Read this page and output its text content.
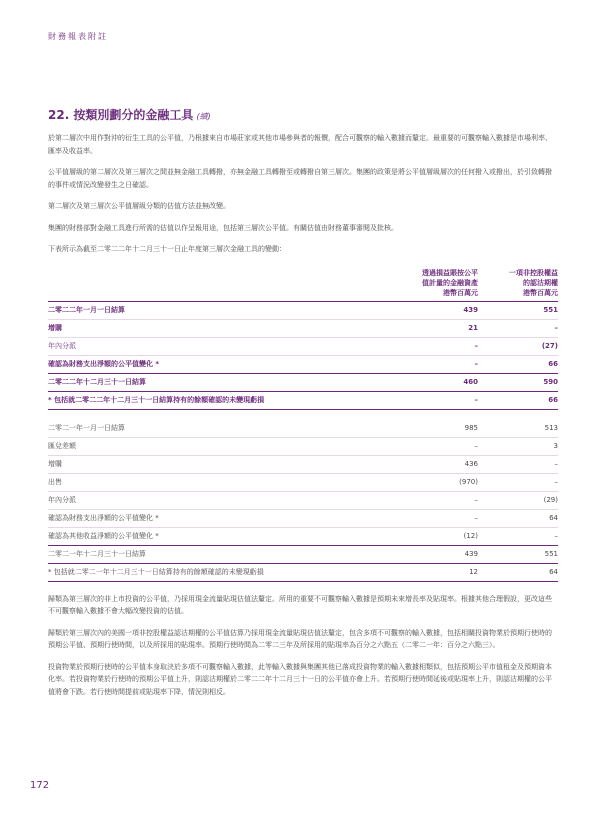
財務報表附註
22. 按類別劃分的金融工具 (續)

於第二層次中用作對沖的衍生工具的公平值，乃根據來自市場莊家或其他市場參與者的報價，配合可觀察的輸入數據而釐定。最重要的可觀察輸入數據是市場利率、匯率及收益率。

公平值層級的第二層次及第三層次之間並無金融工具轉撥，亦無金融工具轉撥至或轉撥自第三層次。集團的政策是將公平值層級層次的任何撥入或撥出，於引致轉撥的事件或情況改變發生之日確認。

第二層次及第三層次公平值層級分類的估值方法並無改變。

集團的財務部對金融工具進行所需的估值以作呈報用途，包括第三層次公平值。有關估值由財務董事審閱及批核。

下表所示為截至二零二二年十二月三十一日止年度第三層次金融工具的變動：

透過損益賬按公平
值計量的金融資產
港幣百萬元
一項非控股權益
的認沽期權
港幣百萬元
二零二二年一月一日結算	439	551
增購	21	–
年內分派	–	(27)
確認為財務支出淨額的公平值變化 *	–	66
二零二二年十二月三十一日結算	460	590
* 包括就二零二二年十二月三十一日結算持有的餘額確認的未變現虧損	–	66
二零二一年一月一日結算	985	513
匯兌差額	–	3
增購	436	–
出售	(970)	–
年內分派	–	(29)
確認為財務支出淨額的公平值變化 *	–	64
確認為其他收益淨額的公平值變化 *	(12)	–
二零二一年十二月三十一日結算	439	551
* 包括就二零二一年十二月三十一日結算持有的餘額確認的未變現虧損	12	64

歸類為第三層次的非上市投資的公平值，乃採用現金流量貼現估值法釐定。所用的重要不可觀察輸入數據是預期未來增長率及貼現率。根據其他合理假設，更改這些不可觀察輸入數據不會大幅改變投資的估值。

歸類於第三層次內的美國一項非控股權益認沽期權的公平值估算乃採用現金流量貼現估值法釐定，包含多項不可觀察的輸入數據，包括相關投資物業於預期行使時的預期公平值、預期行使時間，以及所採用的貼現率。預期行使時間為二零二三年及所採用的貼現率為百分之六點五（二零二一年：百分之六點三）。

投資物業於預期行使時的公平值本身取決於多項不可觀察輸入數據，此等輸入數據與集團其他已落成投資物業的輸入數據相類似，包括預期公平市值租金及預期資本化率。若投資物業於行使時的預期公平值上升，則認沽期權於二零二二年十二月三十一日的公平值亦會上升。若預期行使時間延後或貼現率上升，則認沽期權的公平值將會下跌。若行使時間提前或貼現率下降，情況則相反。

172
